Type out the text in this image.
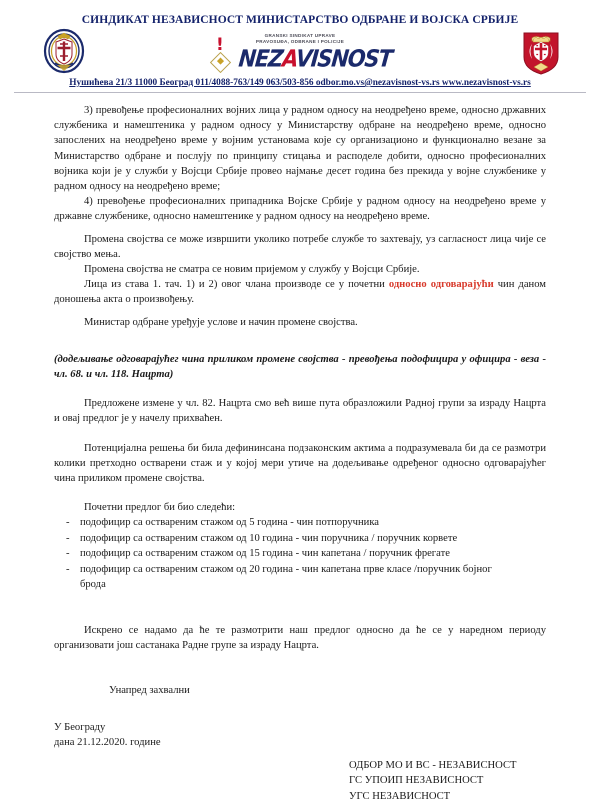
СИНДИКАТ НЕЗАВИСНОСТ МИНИСТАРСТВО ОДБРАНЕ И ВОЈСКА СРБИЈЕ
GRANSKI SINDIKAT UPRAVE
PRAVOSUĐA, ODBRANE I POLICIJE
! NEZAVISNOST
Нушићева 21/3 11000 Београд 011/4088-763/149 063/503-856 odbor.mo.vs@nezavisnost-vs.rs www.nezavisnost-vs.rs

3) превођење професионалних војних лица у радном односу на неодређено време, односно државних службеника и намештеника у радном односу у Министарству одбране на неодређено време, односно запослених на неодређено време у војним установама које су организационо и функционално везане за Министарство одбране и послују по принципу стицања и расподеле добити, односно професионалних војника који је у служби у Војсци Србије провео најмање десет година без прекида у војне службенике у радном односу на неодређено време;

4) превођење професионалних припадника Војске Србије у радном односу на неодређено време у државне службенике, односно намештенике у радном односу на неодређено време.

Промена својства се може извршити уколико потребе службе то захтевају, уз сагласност лица чије се својство мења.

Промена својства не сматра се новим пријемом у службу у Војсци Србије.

Лица из става 1. тач. 1) и 2) овог члана производе се у почетни односно одговарајући чин даном доношења акта о произвођењу.

Министар одбране уређује услове и начин промене својства.

(додељивање одговарајућег чина приликом промене својства - превођења подофицира у официра - веза - чл. 68. и чл. 118. Нацрта)

Предложене измене у чл. 82. Нацрта смо већ више пута образложили Радној групи за израду Нацрта и овај предлог је у начелу прихваћен.

Потенцијална решења би била дефининсана подзаконским актима а подразумевала би да се размотри колики претходно остварени стаж и у којој мери утиче на додељивање одређеног односно одговарајућег чина приликом промене својства.

Почетни предлог би био следећи:

- подофицир са оствареним стажом од 5 година - чин потпоручника
- подофицир са оствареним стажом од 10 година - чин поручника / поручник корвете
- подофицир са оствареним стажом од 15 година - чин капетана / поручник фрегате
- подофицир са оствареним стажом од 20 година - чин капетана прве класе /поручник бојног
брода

Искрено се надамо да ће те размотрити наш предлог односно да ће се у наредном периоду организовати још састанака Радне групе за израду Нацрта.

Унапред захвални

У Београду

дана 21.12.2020. године

ОДБОР МО И ВС - НЕЗАВИСНОСТ
ГС УПОИП НЕЗАВИСНОСТ
УГС НЕЗАВИСНОСТ
